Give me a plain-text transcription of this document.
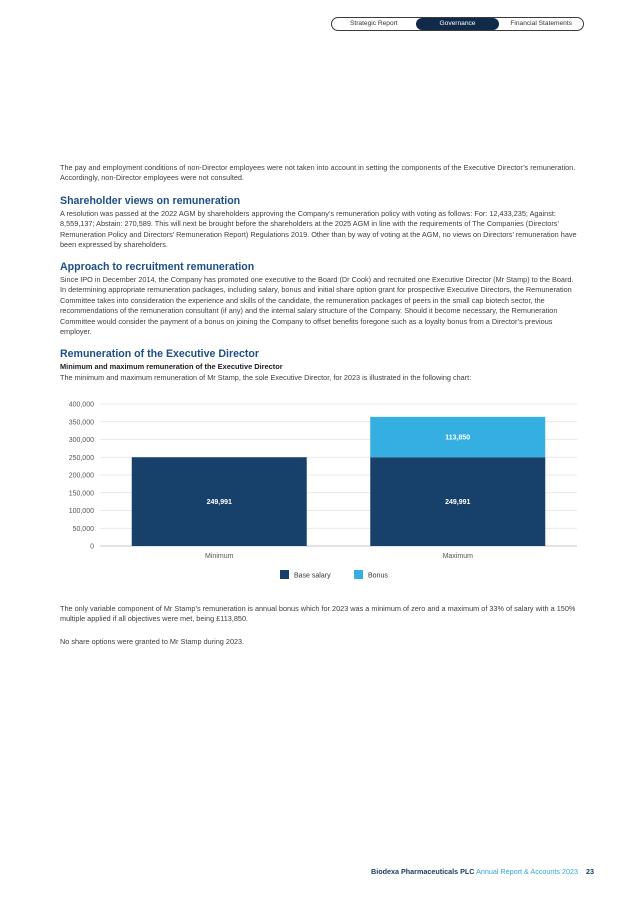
Strategic Report	Governance	Financial Statements

The pay and employment conditions of non-Director employees were not taken into account in setting the components of the Executive Director’s remuneration. Accordingly, non-Director employees were not consulted.

Shareholder views on remuneration

A resolution was passed at the 2022 AGM by shareholders approving the Company’s remuneration policy with voting as follows: For: 12,433,235; Against: 8,559,137; Abstain: 270,589. This will next be brought before the shareholders at the 2025 AGM in line with the requirements of The Companies (Directors’ Remuneration Policy and Directors’ Remuneration Report) Regulations 2019. Other than by way of voting at the AGM, no views on Directors’ remuneration have been expressed by shareholders.

Approach to recruitment remuneration

Since IPO in December 2014, the Company has promoted one executive to the Board (Dr Cook) and recruited one Executive Director (Mr Stamp) to the Board. In determining appropriate remuneration packages, including salary, bonus and initial share option grant for prospective Executive Directors, the Remuneration Committee takes into consideration the experience and skills of the candidate, the remuneration packages of peers in the small cap biotech sector, the recommendations of the remuneration consultant (if any) and the internal salary structure of the Company. Should it become necessary, the Remuneration Committee would consider the payment of a bonus on joining the Company to offset benefits foregone such as a loyalty bonus from a Director’s previous employer.

Remuneration of the Executive Director
Minimum and maximum remuneration of the Executive Director

The minimum and maximum remuneration of Mr Stamp, the sole Executive Director, for 2023 is illustrated in the following chart:

0
50,000
100,000
150,000
200,000
250,000
300,000
350,000
400,000
249,991
Minimum
249,991
113,850
Maximum
Base salary	Bonus

The only variable component of Mr Stamp’s remuneration is annual bonus which for 2023 was a minimum of zero and a maximum of 33% of salary with a 150% multiple applied if all objectives were met, being £113,850.

No share options were granted to Mr Stamp during 2023.

Biodexa Pharmaceuticals PLC Annual Report & Accounts 2023 23
